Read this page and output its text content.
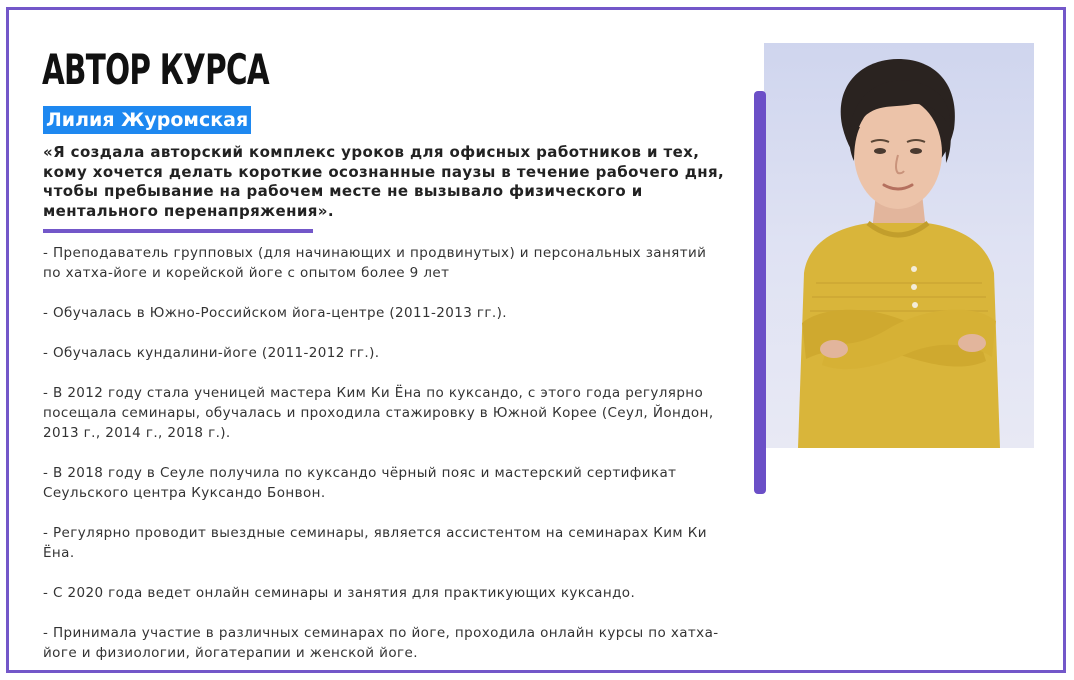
АВТОР КУРСА
Лилия Журомская

«Я создала авторский комплекс уроков для офисных работников и тех, кому хочется делать короткие осознанные паузы в течение рабочего дня, чтобы пребывание на рабочем месте не вызывало физического и ментального перенапряжения».

- Преподаватель групповых (для начинающих и продвинутых) и персональных занятий по хатха-йоге и корейской йоге с опытом более 9 лет
- Обучалась в Южно-Российском йога-центре (2011-2013 гг.).
- Обучалась кундалини-йоге (2011-2012 гг.).
- В 2012 году стала ученицей мастера Ким Ки Ёна по куксандо, с этого года регулярно посещала семинары, обучалась и проходила стажировку в Южной Корее (Сеул, Йондон, 2013 г., 2014 г., 2018 г.).
- В 2018 году в Сеуле получила по куксандо чёрный пояс и мастерский сертификат Сеульского центра Куксандо Бонвон.
- Регулярно проводит выездные семинары, является ассистентом на семинарах Ким Ки Ёна.
- С 2020 года ведет онлайн семинары и занятия для практикующих куксандо.
- Принимала участие в различных семинарах по йоге, проходила онлайн курсы по хатха-йоге и физиологии, йогатерапии и женской йоге.
